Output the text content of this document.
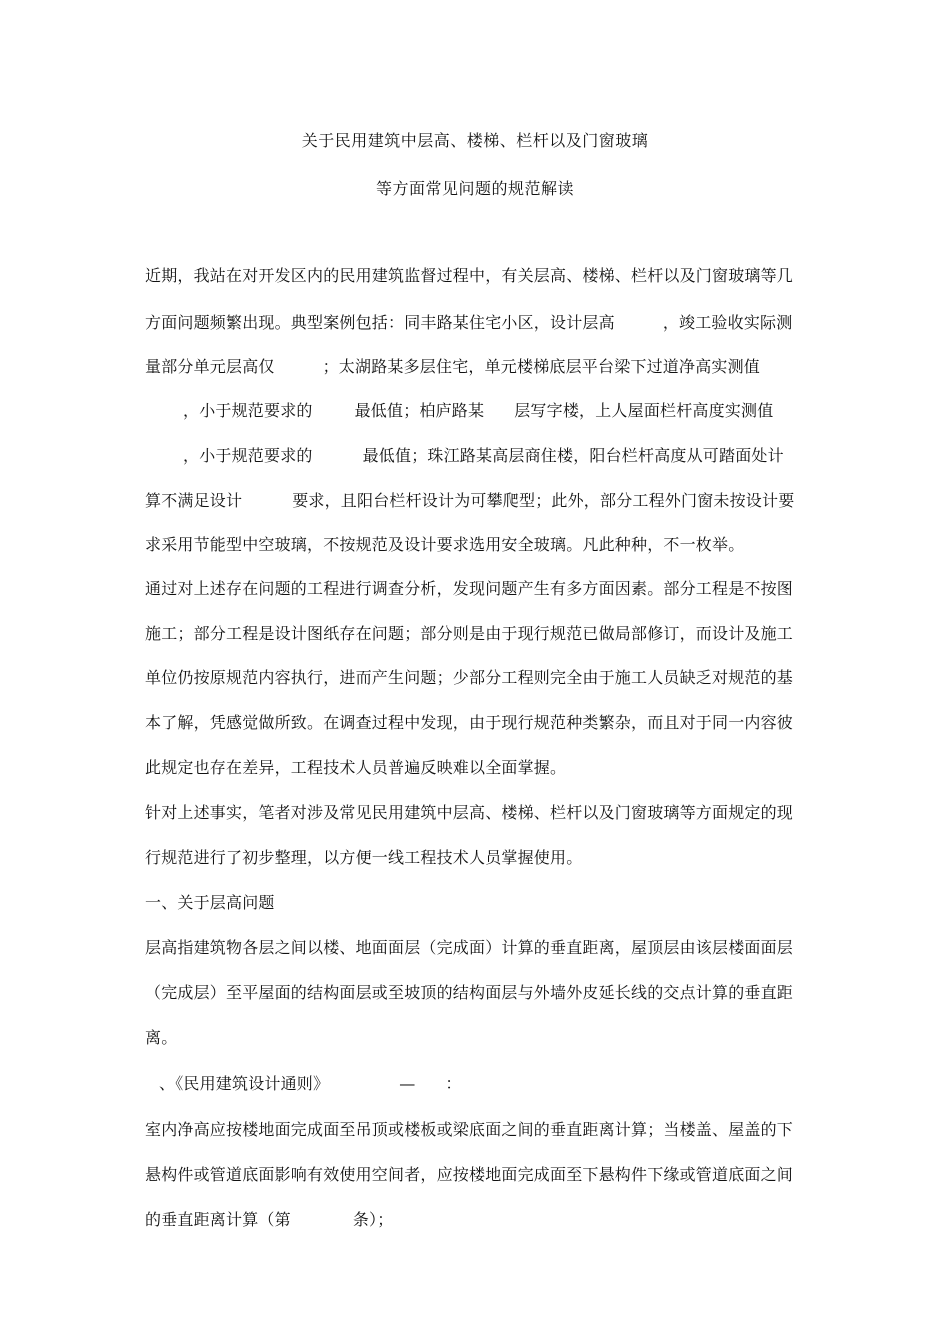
关于民用建筑中层高、楼梯、栏杆以及门窗玻璃
等方面常见问题的规范解读
近期，我站在对开发区内的民用建筑监督过程中，有关层高、楼梯、栏杆以及门窗玻璃等几
方面问题频繁出现。典型案例包括：同丰路某住宅小区，设计层高	，竣工验收实际测
量部分单元层高仅	；太湖路某多层住宅，单元楼梯底层平台梁下过道净高实测值
，小于规范要求的	最低值；柏庐路某 层写字楼，上人屋面栏杆高度实测值
，小于规范要求的	最低值；珠江路某高层商住楼，阳台栏杆高度从可踏面处计
算不满足设计	要求，且阳台栏杆设计为可攀爬型；此外，部分工程外门窗未按设计要
求采用节能型中空玻璃，不按规范及设计要求选用安全玻璃。凡此种种，不一枚举。
通过对上述存在问题的工程进行调查分析，发现问题产生有多方面因素。部分工程是不按图
施工；部分工程是设计图纸存在问题；部分则是由于现行规范已做局部修订，而设计及施工
单位仍按原规范内容执行，进而产生问题；少部分工程则完全由于施工人员缺乏对规范的基
本了解，凭感觉做所致。在调查过程中发现，由于现行规范种类繁杂，而且对于同一内容彼
此规定也存在差异，工程技术人员普遍反映难以全面掌握。
针对上述事实，笔者对涉及常见民用建筑中层高、楼梯、栏杆以及门窗玻璃等方面规定的现
行规范进行了初步整理，以方便一线工程技术人员掌握使用。
一、关于层高问题
层高指建筑物各层之间以楼、地面面层（完成面）计算的垂直距离，屋顶层由该层楼面面层
（完成层）至平屋面的结构面层或至坡顶的结构面层与外墙外皮延长线的交点计算的垂直距
离。
、《民用建筑设计通则》	— ：
室内净高应按楼地面完成面至吊顶或楼板或梁底面之间的垂直距离计算；当楼盖、屋盖的下
悬构件或管道底面影响有效使用空间者，应按楼地面完成面至下悬构件下缘或管道底面之间
的垂直距离计算（第	条）；
